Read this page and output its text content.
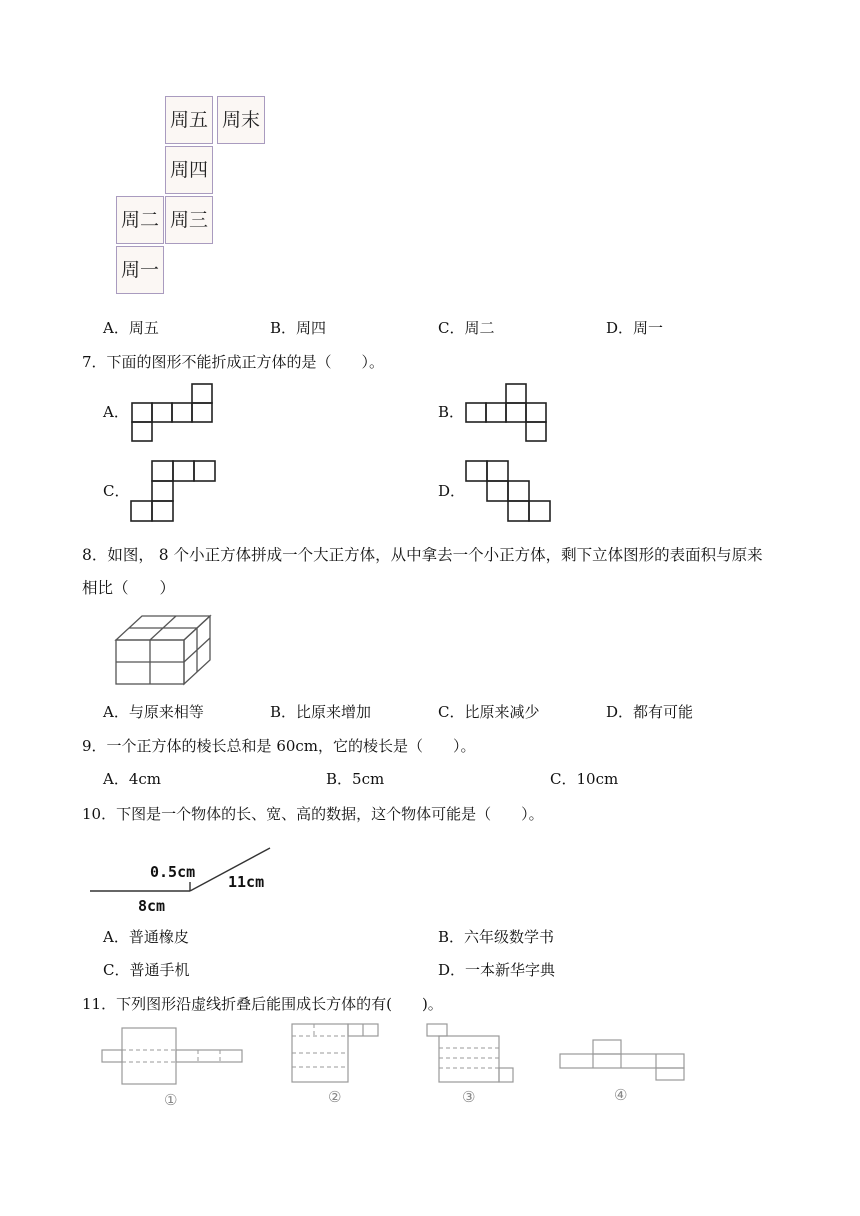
周五 周末
周四
周二 周三
周一
A．周五	B．周四	C．周二	D．周一
7．下面的图形不能折成正方体的是（　　）。
A．	B．
C．	D．
8．如图， 8 个小正方体拼成一个大正方体，从中拿去一个小正方体，剩下立体图形的表面积与原来
相比（　　）
A．与原来相等	B．比原来增加	C．比原来减少	D．都有可能
9．一个正方体的棱长总和是 60cm，它的棱长是（　　）。
A．4cm	B．5cm	C．10cm
10．下图是一个物体的长、宽、高的数据，这个物体可能是（　　）。
0.5cm
11cm
8cm
A．普通橡皮	B．六年级数学书
C．普通手机	D．一本新华字典
11．下列图形沿虚线折叠后能围成长方体的有(　　)。
①	②	③	④
